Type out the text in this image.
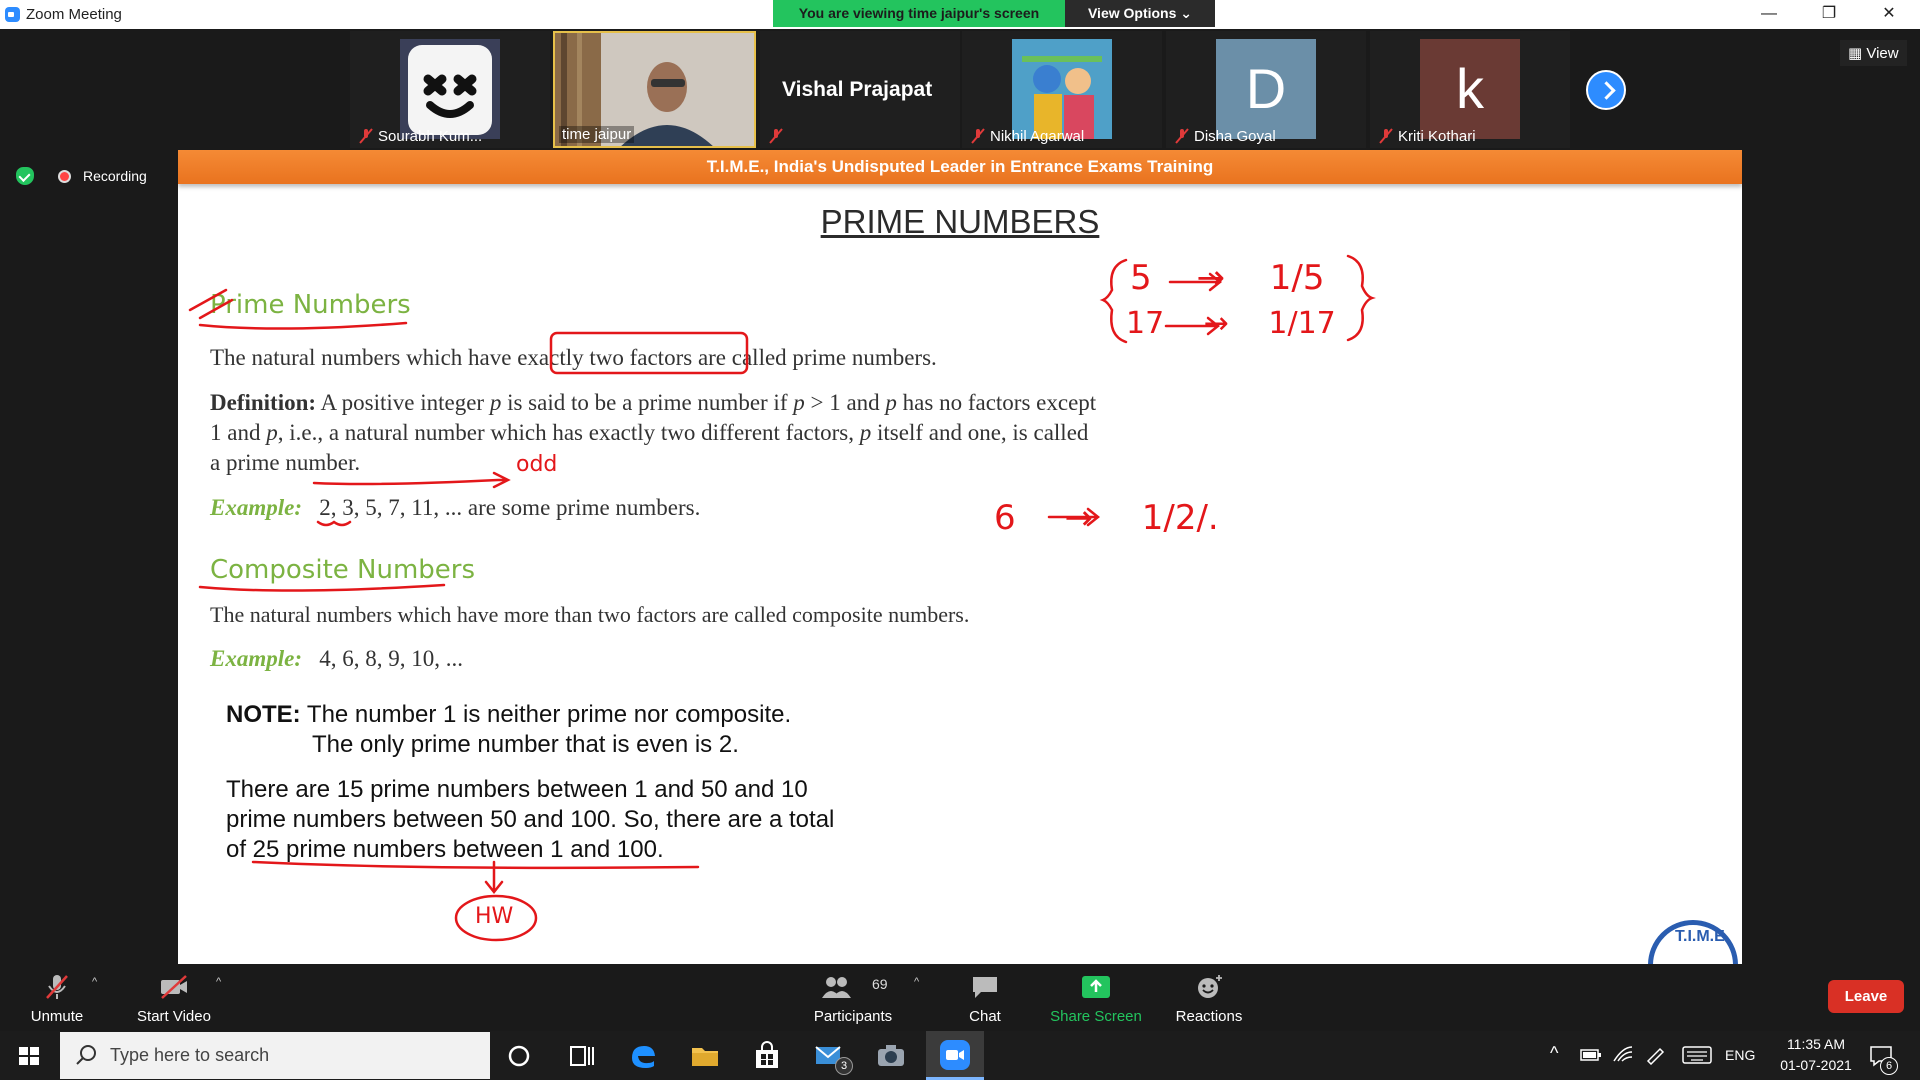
Zoom Meeting	You are viewing time jaipur's screen	View Options ⌄	—	❐	✕
Sourabh Kum...	time jaipur
Vishal Prajapat
Nikhil Agarwal
D
Disha Goyal
k
Kriti Kothari
▦ View
Recording	T.I.M.E., India's Undisputed Leader in Entrance Exams Training
PRIME NUMBERS
Prime Numbers
The natural numbers which have exactly two factors are called prime numbers.
Definition: A positive integer p is said to be a prime number if p > 1 and p has no factors except
1 and p, i.e., a natural number which has exactly two different factors, p itself and one, is called
a prime number.
Example: 2, 3, 5, 7, 11, ... are some prime numbers.
Composite Numbers
The natural numbers which have more than two factors are called composite numbers.
Example: 4, 6, 8, 9, 10, ...
NOTE: The number 1 is neither prime nor composite.
The only prime number that is even is 2.
There are 15 prime numbers between 1 and 50 and 10
prime numbers between 50 and 100. So, there are a total
of 25 prime numbers between 1 and 100.
odd
5 → 1/5
17 → 1/17
6 → 1/2/.
HW
T.I.M.E.
Unmute
^
Start Video
^	69
Participants
^
Chat	Share Screen	Reactions
Leave
Type here to search
3
^	ENG
11:35 AM
01-07-2021	6
